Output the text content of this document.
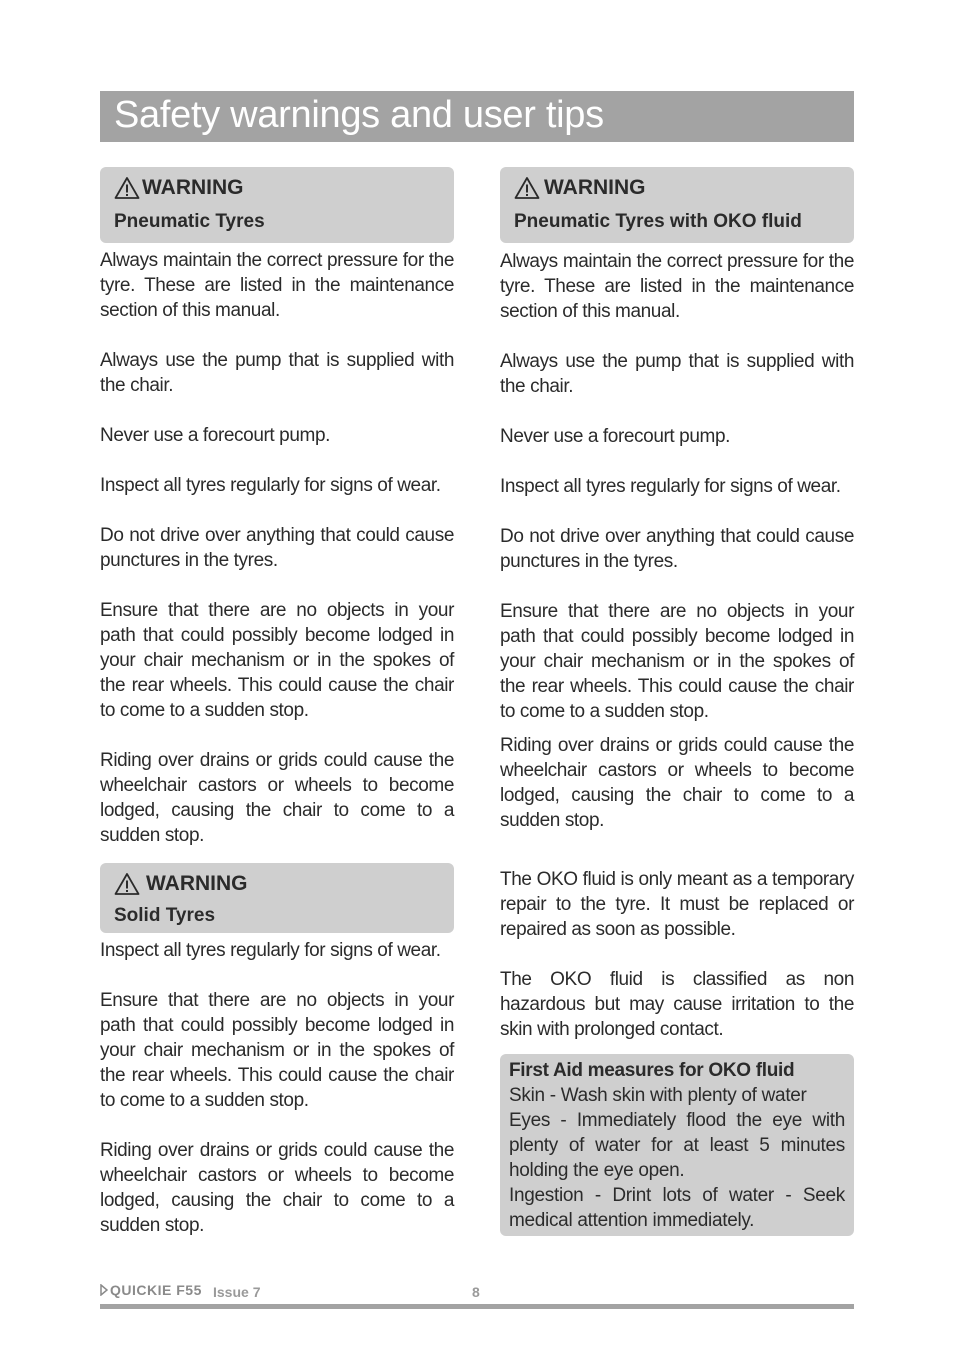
Safety warnings and user tips
WARNING
Pneumatic Tyres

Always maintain the correct pressure for the tyre. These are listed in the maintenance section of this manual.

Always use the pump that is supplied with the chair.

Never use a forecourt pump.

Inspect all tyres regularly for signs of wear.

Do not drive over anything that could cause punctures in the tyres.

Ensure that there are no objects in your path that could possibly become lodged in your chair mechanism or in the spokes of the rear wheels. This could cause the chair to come to a sudden stop.

Riding over drains or grids could cause the wheelchair castors or wheels to become lodged, causing the chair to come to a sudden stop.

WARNING
Solid Tyres

Inspect all tyres regularly for signs of wear.

Ensure that there are no objects in your path that could possibly become lodged in your chair mechanism or in the spokes of the rear wheels. This could cause the chair to come to a sudden stop.

Riding over drains or grids could cause the wheelchair castors or wheels to become lodged, causing the chair to come to a sudden stop.

WARNING
Pneumatic Tyres with OKO fluid

Always maintain the correct pressure for the tyre. These are listed in the maintenance section of this manual.

Always use the pump that is supplied with the chair.

Never use a forecourt pump.

Inspect all tyres regularly for signs of wear.

Do not drive over anything that could cause punctures in the tyres.

Ensure that there are no objects in your path that could possibly become lodged in your chair mechanism or in the spokes of the rear wheels. This could cause the chair to come to a sudden stop.

Riding over drains or grids could cause the wheelchair castors or wheels to become lodged, causing the chair to come to a sudden stop.

The OKO fluid is only meant as a temporary repair to the tyre. It must be replaced or repaired as soon as possible.

The OKO fluid is classified as non hazardous but may cause irritation to the skin with prolonged contact.

First Aid measures for OKO fluid

Skin - Wash skin with plenty of water

Eyes - Immediately flood the eye with plenty of water for at least 5 minutes holding the eye open.

Ingestion - Drint lots of water - Seek medical attention immediately.

QUICKIE F55 Issue 7	8
